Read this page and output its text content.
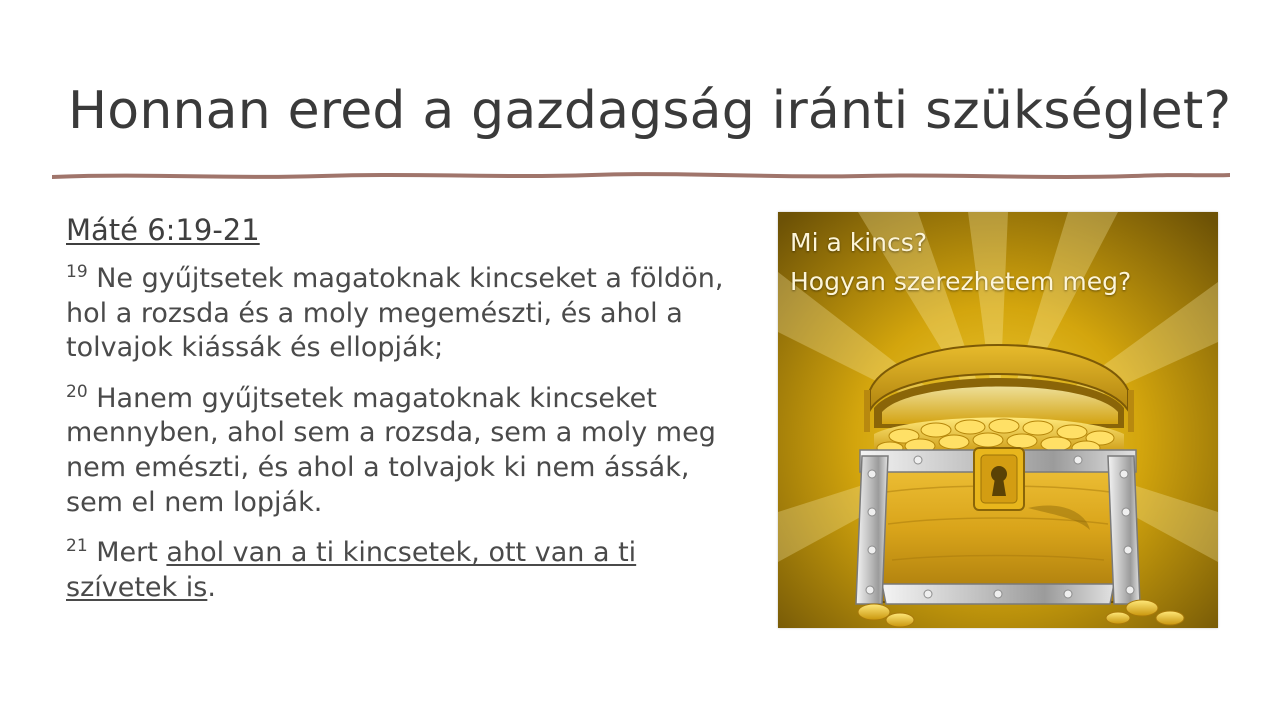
Honnan ered a gazdagság iránti szükséglet?
Máté 6:19-21

$^{19}$ Ne gyűjtsetek magatoknak kincseket a földön, hol a rozsda és a moly megemészti, és ahol a tolvajok kiássák és ellopják;

$^{20}$ Hanem gyűjtsetek magatoknak kincseket mennyben, ahol sem a rozsda, sem a moly meg nem emészti, és ahol a tolvajok ki nem ássák, sem el nem lopják.

$^{21}$ Mert ahol van a ti kincsetek, ott van a ti szívetek is.

Mi a kincs?
Hogyan szerezhetem meg?
